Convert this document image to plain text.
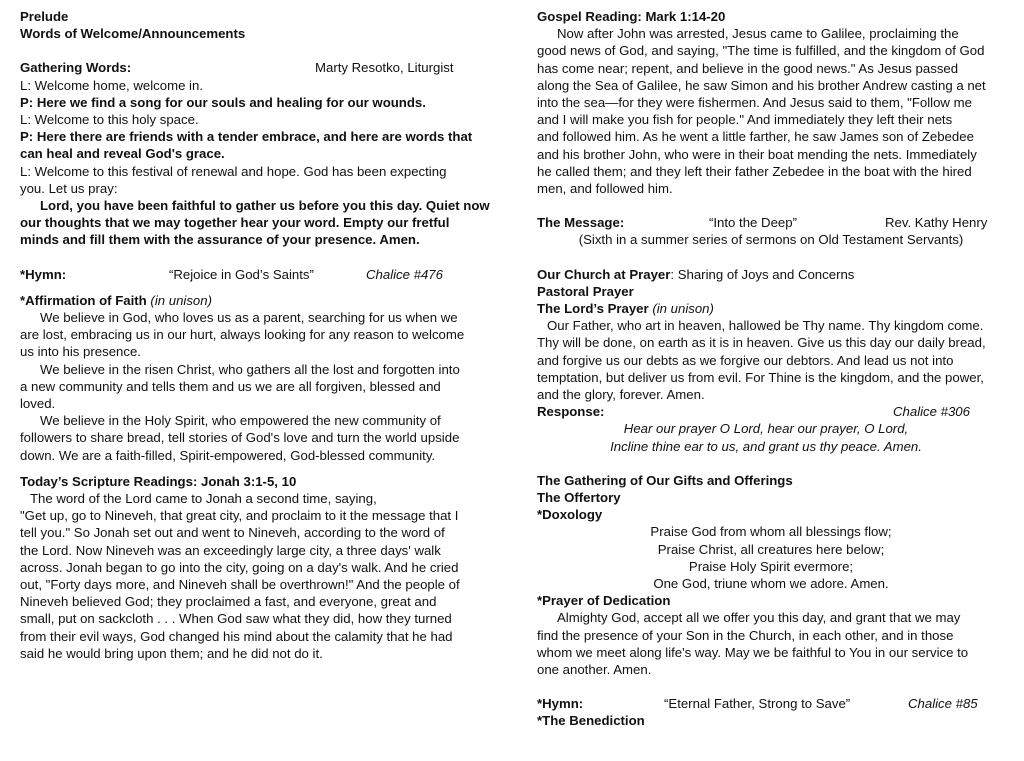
Prelude

Words of Welcome/Announcements

Gathering Words:	Marty Resotko, Liturgist

L: Welcome home, welcome in.

P: Here we find a song for our souls and healing for our wounds.

L: Welcome to this holy space.

P: Here there are friends with a tender embrace, and here are words that

can heal and reveal God's grace.

L: Welcome to this festival of renewal and hope. God has been expecting

you. Let us pray:

Lord, you have been faithful to gather us before you this day. Quiet now

our thoughts that we may together hear your word. Empty our fretful

minds and fill them with the assurance of your presence. Amen.

*Hymn:	“Rejoice in God’s Saints”	Chalice #476

*Affirmation of Faith (in unison)

We believe in God, who loves us as a parent, searching for us when we

are lost, embracing us in our hurt, always looking for any reason to welcome

us into his presence.

We believe in the risen Christ, who gathers all the lost and forgotten into

a new community and tells them and us we are all forgiven, blessed and

loved.

We believe in the Holy Spirit, who empowered the new community of

followers to share bread, tell stories of God's love and turn the world upside

down. We are a faith-filled, Spirit-empowered, God-blessed community.

Today’s Scripture Readings: Jonah 3:1-5, 10

The word of the Lord came to Jonah a second time, saying,

"Get up, go to Nineveh, that great city, and proclaim to it the message that I

tell you." So Jonah set out and went to Nineveh, according to the word of

the Lord. Now Nineveh was an exceedingly large city, a three days' walk

across. Jonah began to go into the city, going on a day's walk. And he cried

out, "Forty days more, and Nineveh shall be overthrown!" And the people of

Nineveh believed God; they proclaimed a fast, and everyone, great and

small, put on sackcloth . . . When God saw what they did, how they turned

from their evil ways, God changed his mind about the calamity that he had

said he would bring upon them; and he did not do it.

Gospel Reading: Mark 1:14-20

Now after John was arrested, Jesus came to Galilee, proclaiming the

good news of God, and saying, "The time is fulfilled, and the kingdom of God

has come near; repent, and believe in the good news." As Jesus passed

along the Sea of Galilee, he saw Simon and his brother Andrew casting a net

into the sea—for they were fishermen. And Jesus said to them, "Follow me

and I will make you fish for people." And immediately they left their nets

and followed him. As he went a little farther, he saw James son of Zebedee

and his brother John, who were in their boat mending the nets. Immediately

he called them; and they left their father Zebedee in the boat with the hired

men, and followed him.

The Message:	“Into the Deep”	Rev. Kathy Henry

(Sixth in a summer series of sermons on Old Testament Servants)

Our Church at Prayer: Sharing of Joys and Concerns

Pastoral Prayer

The Lord’s Prayer (in unison)

Our Father, who art in heaven, hallowed be Thy name. Thy kingdom come.

Thy will be done, on earth as it is in heaven. Give us this day our daily bread,

and forgive us our debts as we forgive our debtors. And lead us not into

temptation, but deliver us from evil. For Thine is the kingdom, and the power,

and the glory, forever. Amen.

Response:	Chalice #306

Hear our prayer O Lord, hear our prayer, O Lord,

Incline thine ear to us, and grant us thy peace. Amen.

The Gathering of Our Gifts and Offerings

The Offertory

*Doxology

Praise God from whom all blessings flow;

Praise Christ, all creatures here below;

Praise Holy Spirit evermore;

One God, triune whom we adore. Amen.

*Prayer of Dedication

Almighty God, accept all we offer you this day, and grant that we may

find the presence of your Son in the Church, in each other, and in those

whom we meet along life's way. May we be faithful to You in our service to

one another. Amen.

*Hymn:	“Eternal Father, Strong to Save”	Chalice #85

*The Benediction
